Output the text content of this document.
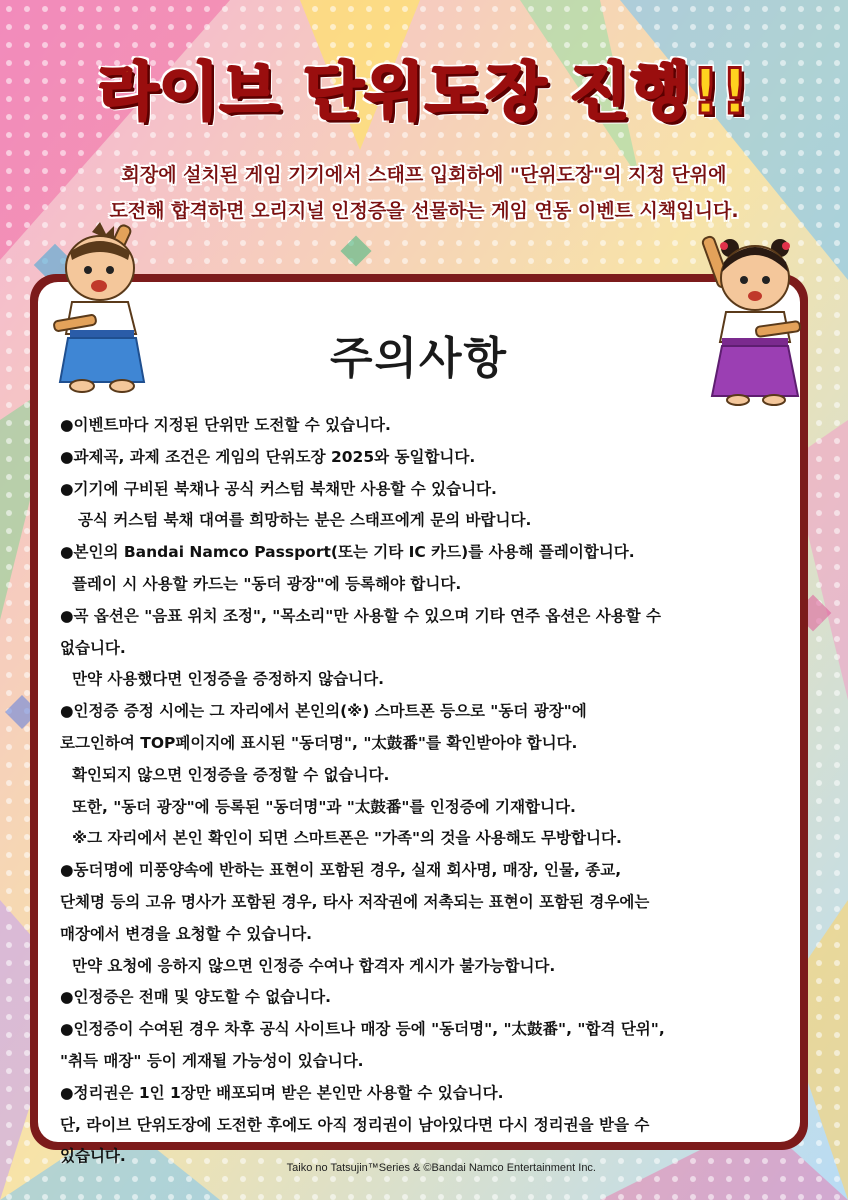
라이브 단위도장 진행!!
회장에 설치된 게임 기기에서 스태프 입회하에 "단위도장"의 지정 단위에
도전해 합격하면 오리지널 인정증을 선물하는 게임 연동 이벤트 시책입니다.
주의사항
●이벤트마다 지정된 단위만 도전할 수 있습니다.
●과제곡, 과제 조건은 게임의 단위도장 2025와 동일합니다.
●기기에 구비된 북채나 공식 커스텀 북채만 사용할 수 있습니다.
공식 커스텀 북채 대여를 희망하는 분은 스태프에게 문의 바랍니다.
●본인의 Bandai Namco Passport(또는 기타 IC 카드)를 사용해 플레이합니다.
플레이 시 사용할 카드는 "동더 광장"에 등록해야 합니다.
●곡 옵션은 "음표 위치 조정", "목소리"만 사용할 수 있으며 기타 연주 옵션은 사용할 수
없습니다.
만약 사용했다면 인정증을 증정하지 않습니다.
●인정증 증정 시에는 그 자리에서 본인의(※) 스마트폰 등으로 "동더 광장"에
로그인하여 TOP페이지에 표시된 "동더명", "太鼓番"를 확인받아야 합니다.
확인되지 않으면 인정증을 증정할 수 없습니다.
또한, "동더 광장"에 등록된 "동더명"과 "太鼓番"를 인정증에 기재합니다.
※그 자리에서 본인 확인이 되면 스마트폰은 "가족"의 것을 사용해도 무방합니다.
●동더명에 미풍양속에 반하는 표현이 포함된 경우, 실재 회사명, 매장, 인물, 종교,
단체명 등의 고유 명사가 포함된 경우, 타사 저작권에 저촉되는 표현이 포함된 경우에는
매장에서 변경을 요청할 수 있습니다.
만약 요청에 응하지 않으면 인정증 수여나 합격자 게시가 불가능합니다.
●인정증은 전매 및 양도할 수 없습니다.
●인정증이 수여된 경우 차후 공식 사이트나 매장 등에 "동더명", "太鼓番", "합격 단위",
"취득 매장" 등이 게재될 가능성이 있습니다.
●정리권은 1인 1장만 배포되며 받은 본인만 사용할 수 있습니다.
단, 라이브 단위도장에 도전한 후에도 아직 정리권이 남아있다면 다시 정리권을 받을 수
있습니다.
Taiko no Tatsujin™Series & ©Bandai Namco Entertainment Inc.
